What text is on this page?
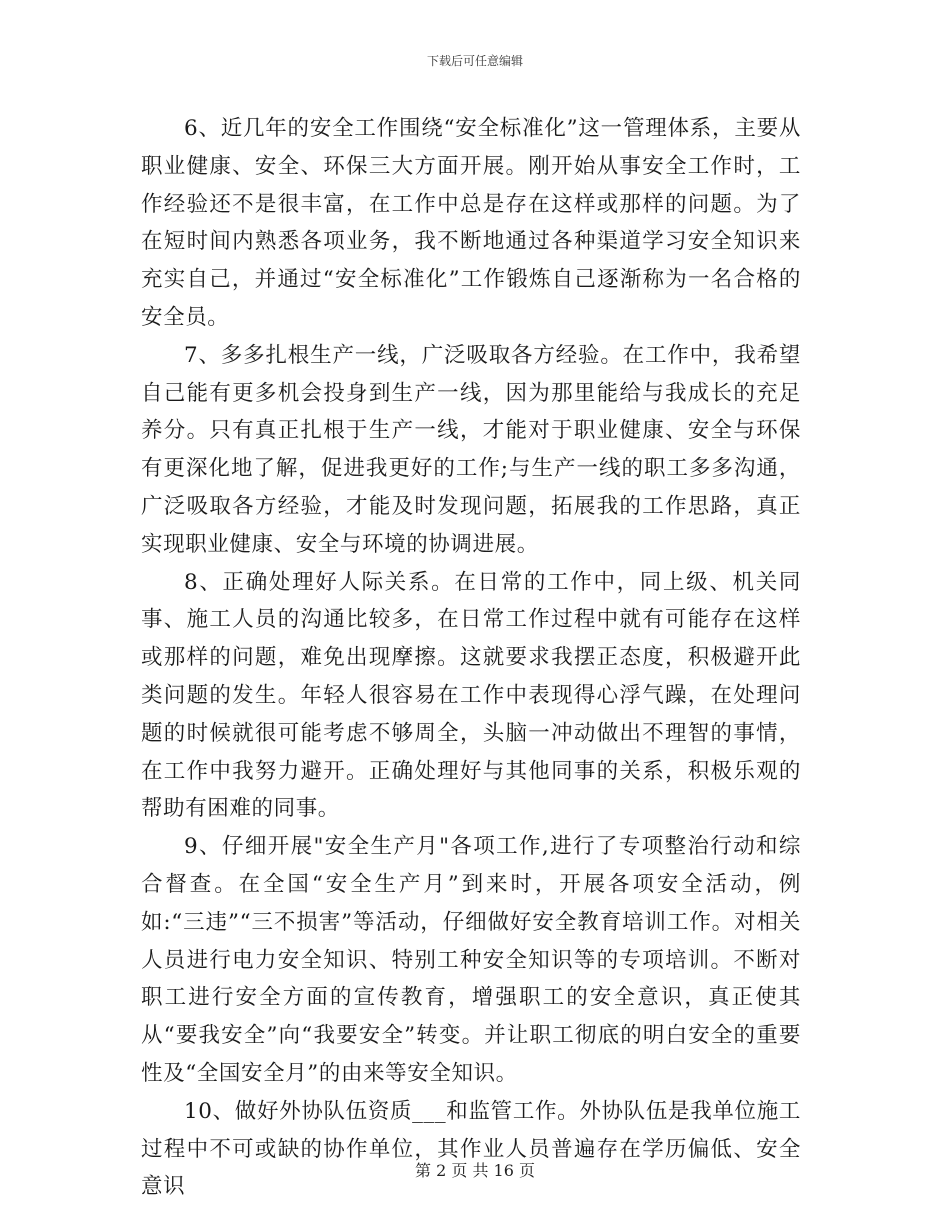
下载后可任意编辑

6、近几年的安全工作围绕“安全标准化”这一管理体系，主要从职业健康、安全、环保三大方面开展。刚开始从事安全工作时，工作经验还不是很丰富，在工作中总是存在这样或那样的问题。为了在短时间内熟悉各项业务，我不断地通过各种渠道学习安全知识来充实自己，并通过“安全标准化”工作锻炼自己逐渐称为一名合格的安全员。

7、多多扎根生产一线，广泛吸取各方经验。在工作中，我希望自己能有更多机会投身到生产一线，因为那里能给与我成长的充足养分。只有真正扎根于生产一线，才能对于职业健康、安全与环保有更深化地了解，促进我更好的工作;与生产一线的职工多多沟通，广泛吸取各方经验，才能及时发现问题，拓展我的工作思路，真正实现职业健康、安全与环境的协调进展。

8、正确处理好人际关系。在日常的工作中，同上级、机关同事、施工人员的沟通比较多，在日常工作过程中就有可能存在这样或那样的问题，难免出现摩擦。这就要求我摆正态度，积极避开此类问题的发生。年轻人很容易在工作中表现得心浮气躁，在处理问题的时候就很可能考虑不够周全，头脑一冲动做出不理智的事情，在工作中我努力避开。正确处理好与其他同事的关系，积极乐观的帮助有困难的同事。

9、仔细开展"安全生产月"各项工作,进行了专项整治行动和综合督查。在全国“安全生产月”到来时，开展各项安全活动，例如:“三违”“三不损害”等活动，仔细做好安全教育培训工作。对相关人员进行电力安全知识、特别工种安全知识等的专项培训。不断对职工进行安全方面的宣传教育，增强职工的安全意识，真正使其从“要我安全”向“我要安全”转变。并让职工彻底的明白安全的重要性及“全国安全月”的由来等安全知识。

10、做好外协队伍资质___和监管工作。外协队伍是我单位施工过程中不可或缺的协作单位，其作业人员普遍存在学历偏低、安全意识

第 2 页 共 16 页
